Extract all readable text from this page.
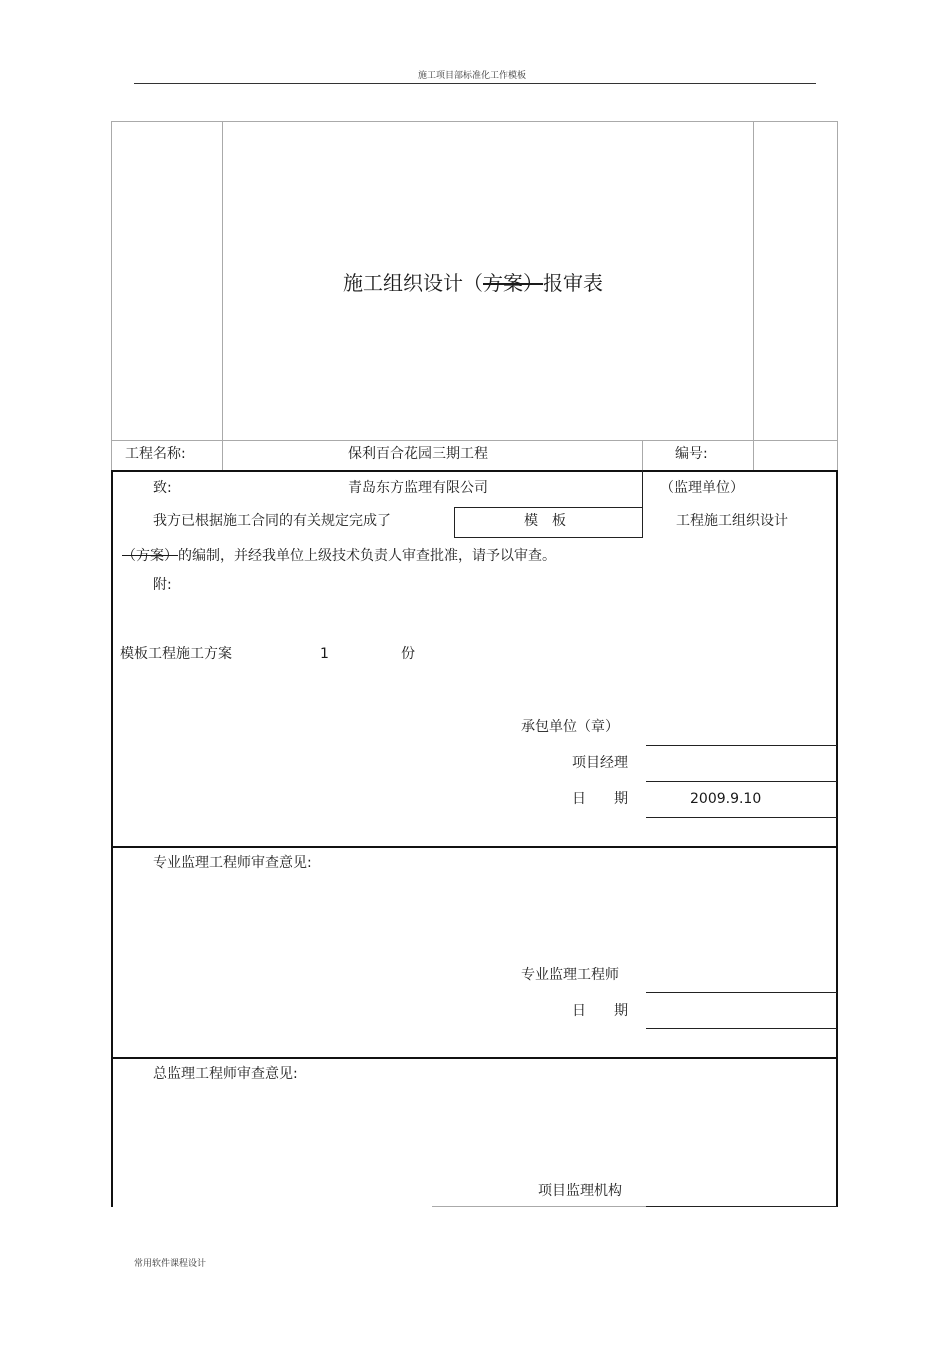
施工项目部标准化工作模板
施工组织设计（方案）报审表
工程名称:	保利百合花园三期工程	编号:
致:	青岛东方监理有限公司	（监理单位）
我方已根据施工合同的有关规定完成了	模　板	工程施工组织设计
（方案）的编制，并经我单位上级技术负责人审查批准，请予以审查。
附:
模板工程施工方案	1	份
承包单位（章）
项目经理
日　　期	2009.9.10
专业监理工程师审查意见:
专业监理工程师
日　　期
总监理工程师审查意见:
项目监理机构
常用软件课程设计
